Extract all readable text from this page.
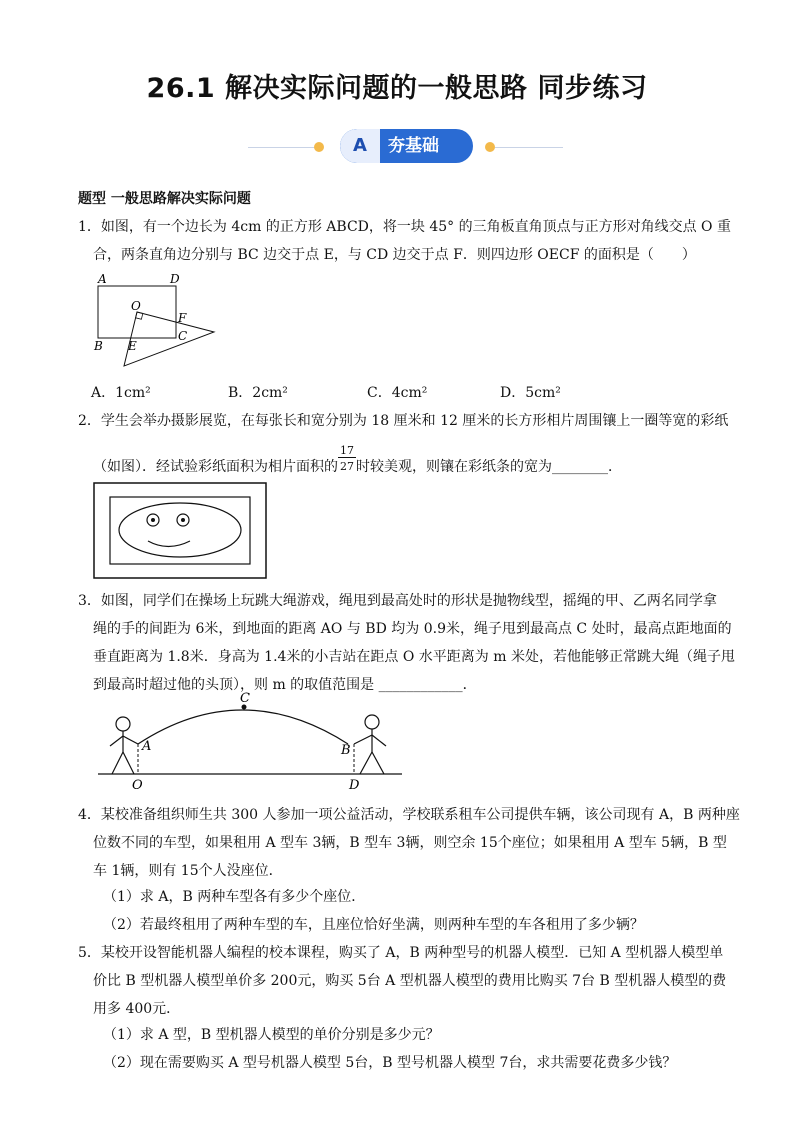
26.1 解决实际问题的一般思路 同步练习
A	夯基础
题型 一般思路解决实际问题
1．如图，有一个边长为 4cm 的正方形 ABCD，将一块 45° 的三角板直角顶点与正方形对角线交点 O 重
合，两条直角边分别与 BC 边交于点 E，与 CD 边交于点 F．则四边形 OECF 的面积是（　　）
A	D
O
F
C
B E
A．1cm²	B．2cm²	C．4cm²	D．5cm²
2．学生会举办摄影展览，在每张长和宽分别为 18 厘米和 12 厘米的长方形相片周围镶上一圈等宽的彩纸
（如图）．经试验彩纸面积为相片面积的 $\frac{17}{27}$ 时较美观，则镶在彩纸条的宽为________．
3．如图，同学们在操场上玩跳大绳游戏，绳甩到最高处时的形状是抛物线型，摇绳的甲、乙两名同学拿
绳的手的间距为 6米，到地面的距离 AO 与 BD 均为 0.9米，绳子甩到最高点 C 处时，最高点距地面的
垂直距离为 1.8米．身高为 1.4米的小吉站在距点 O 水平距离为 m 米处，若他能够正常跳大绳（绳子甩
到最高时超过他的头顶），则 m 的取值范围是 ____________．
C
A	B
O	D
4．某校准备组织师生共 300 人参加一项公益活动，学校联系租车公司提供车辆，该公司现有 A，B 两种座
位数不同的车型，如果租用 A 型车 3辆，B 型车 3辆，则空余 15个座位；如果租用 A 型车 5辆，B 型
车 1辆，则有 15个人没座位．
（1）求 A，B 两种车型各有多少个座位．
（2）若最终租用了两种车型的车，且座位恰好坐满，则两种车型的车各租用了多少辆？
5．某校开设智能机器人编程的校本课程，购买了 A，B 两种型号的机器人模型．已知 A 型机器人模型单
价比 B 型机器人模型单价多 200元，购买 5台 A 型机器人模型的费用比购买 7台 B 型机器人模型的费
用多 400元．
（1）求 A 型，B 型机器人模型的单价分别是多少元？
（2）现在需要购买 A 型号机器人模型 5台，B 型号机器人模型 7台，求共需要花费多少钱？
